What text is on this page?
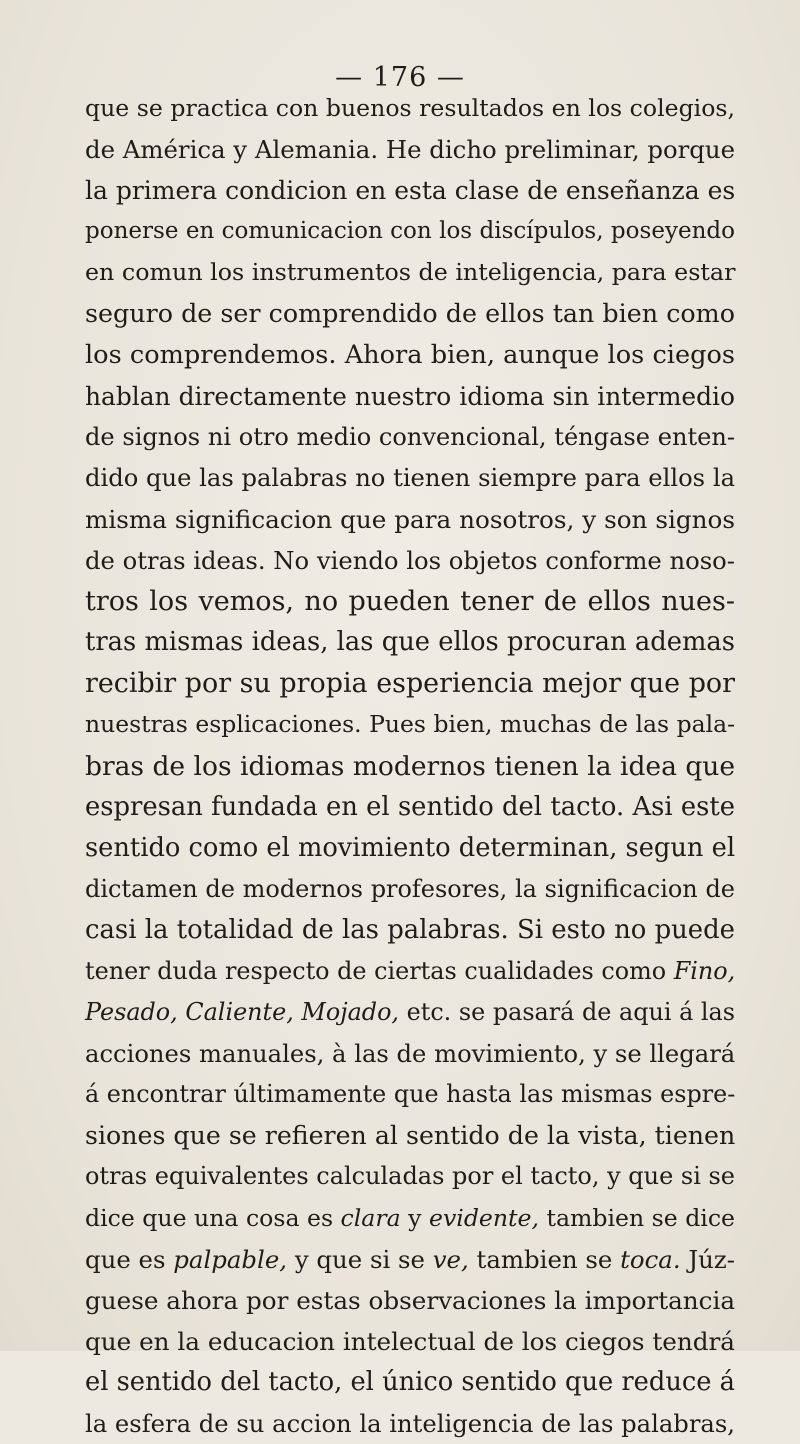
— 176 —
que se practica con buenos resultados en los colegios,
de América y Alemania. He dicho preliminar, porque
la primera condicion en esta clase de enseñanza es
ponerse en comunicacion con los discípulos, poseyendo
en comun los instrumentos de inteligencia, para estar
seguro de ser comprendido de ellos tan bien como
los comprendemos. Ahora bien, aunque los ciegos
hablan directamente nuestro idioma sin intermedio
de signos ni otro medio convencional, téngase enten-
dido que las palabras no tienen siempre para ellos la
misma significacion que para nosotros, y son signos
de otras ideas. No viendo los objetos conforme noso-
tros los vemos, no pueden tener de ellos nues-
tras mismas ideas, las que ellos procuran ademas
recibir por su propia esperiencia mejor que por
nuestras esplicaciones. Pues bien, muchas de las pala-
bras de los idiomas modernos tienen la idea que
espresan fundada en el sentido del tacto. Asi este
sentido como el movimiento determinan, segun el
dictamen de modernos profesores, la significacion de
casi la totalidad de las palabras. Si esto no puede
tener duda respecto de ciertas cualidades como Fino,
Pesado, Caliente, Mojado, etc. se pasará de aqui á las
acciones manuales, à las de movimiento, y se llegará
á encontrar últimamente que hasta las mismas espre-
siones que se refieren al sentido de la vista, tienen
otras equivalentes calculadas por el tacto, y que si se
dice que una cosa es clara y evidente, tambien se dice
que es palpable, y que si se ve, tambien se toca. Júz-
guese ahora por estas observaciones la importancia
que en la educacion intelectual de los ciegos tendrá
el sentido del tacto, el único sentido que reduce á
la esfera de su accion la inteligencia de las palabras,
